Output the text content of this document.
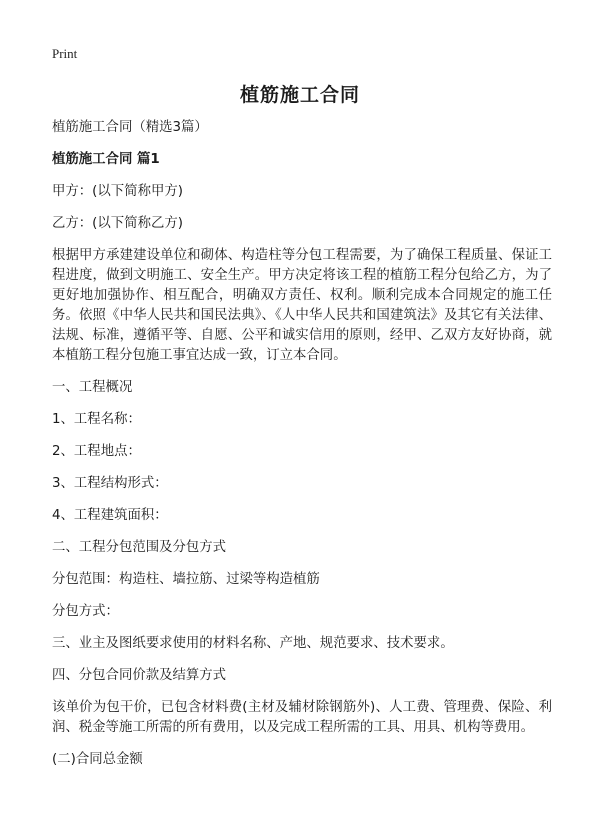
Print
植筋施工合同

植筋施工合同（精选3篇）

植筋施工合同 篇1

甲方：(以下简称甲方)

乙方：(以下简称乙方)

根据甲方承建建设单位和砌体、构造柱等分包工程需要，为了确保工程质量、保证工程进度，做到文明施工、安全生产。甲方决定将该工程的植筋工程分包给乙方，为了更好地加强协作、相互配合，明确双方责任、权利。顺利完成本合同规定的施工任务。依照《中华人民共和国民法典》、《人中华人民共和国建筑法》及其它有关法律、法规、标准，遵循平等、自愿、公平和诚实信用的原则，经甲、乙双方友好协商，就本植筋工程分包施工事宜达成一致，订立本合同。

一、工程概况

1、工程名称：

2、工程地点：

3、工程结构形式：

4、工程建筑面积：

二、工程分包范围及分包方式

分包范围：构造柱、墙拉筋、过梁等构造植筋

分包方式：

三、业主及图纸要求使用的材料名称、产地、规范要求、技术要求。

四、分包合同价款及结算方式

该单价为包干价，已包含材料费(主材及辅材除钢筋外)、人工费、管理费、保险、利润、税金等施工所需的所有费用，以及完成工程所需的工具、用具、机构等费用。

(二)合同总金额
